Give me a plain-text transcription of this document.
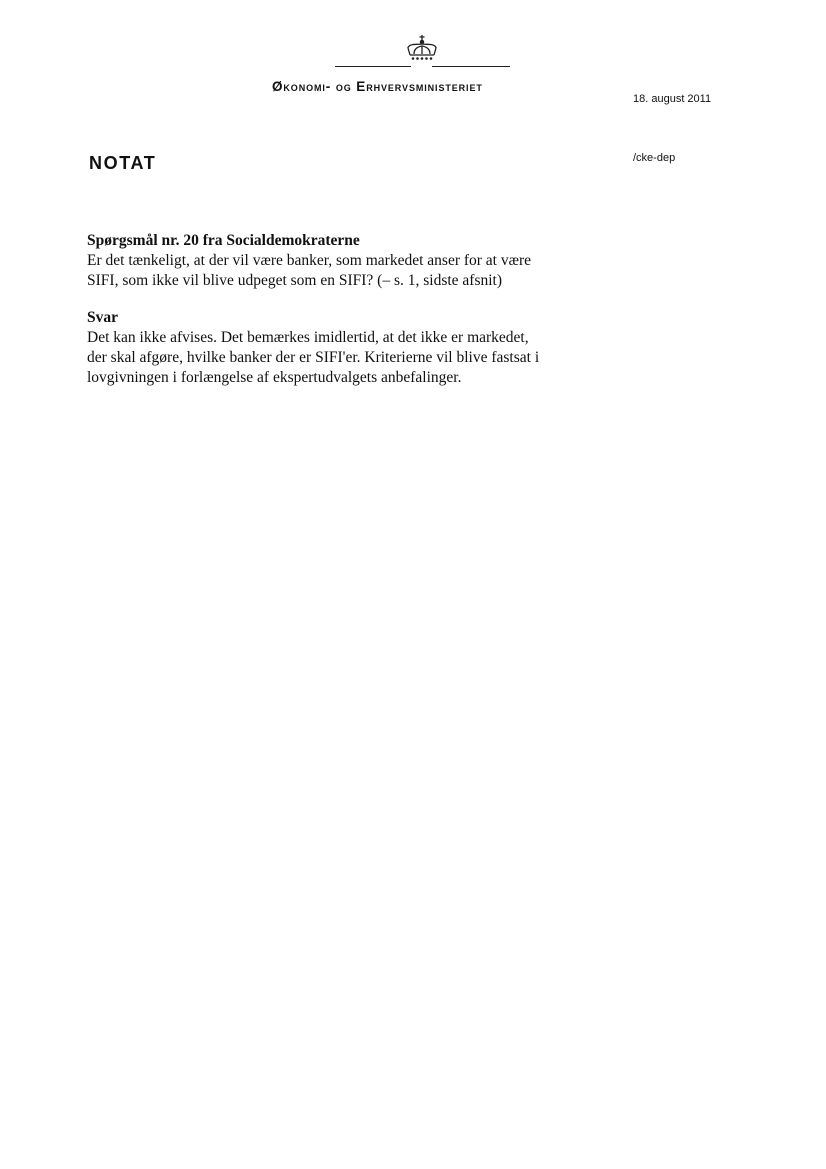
Økonomi- og Erhvervsministeriet
18. august 2011
NOTAT	/cke-dep
Spørgsmål nr. 20 fra Socialdemokraterne

Er det tænkeligt, at der vil være banker, som markedet anser for at være

SIFI, som ikke vil blive udpeget som en SIFI? (– s. 1, sidste afsnit)

Svar

Det kan ikke afvises. Det bemærkes imidlertid, at det ikke er markedet,

der skal afgøre, hvilke banker der er SIFI'er. Kriterierne vil blive fastsat i

lovgivningen i forlængelse af ekspertudvalgets anbefalinger.
